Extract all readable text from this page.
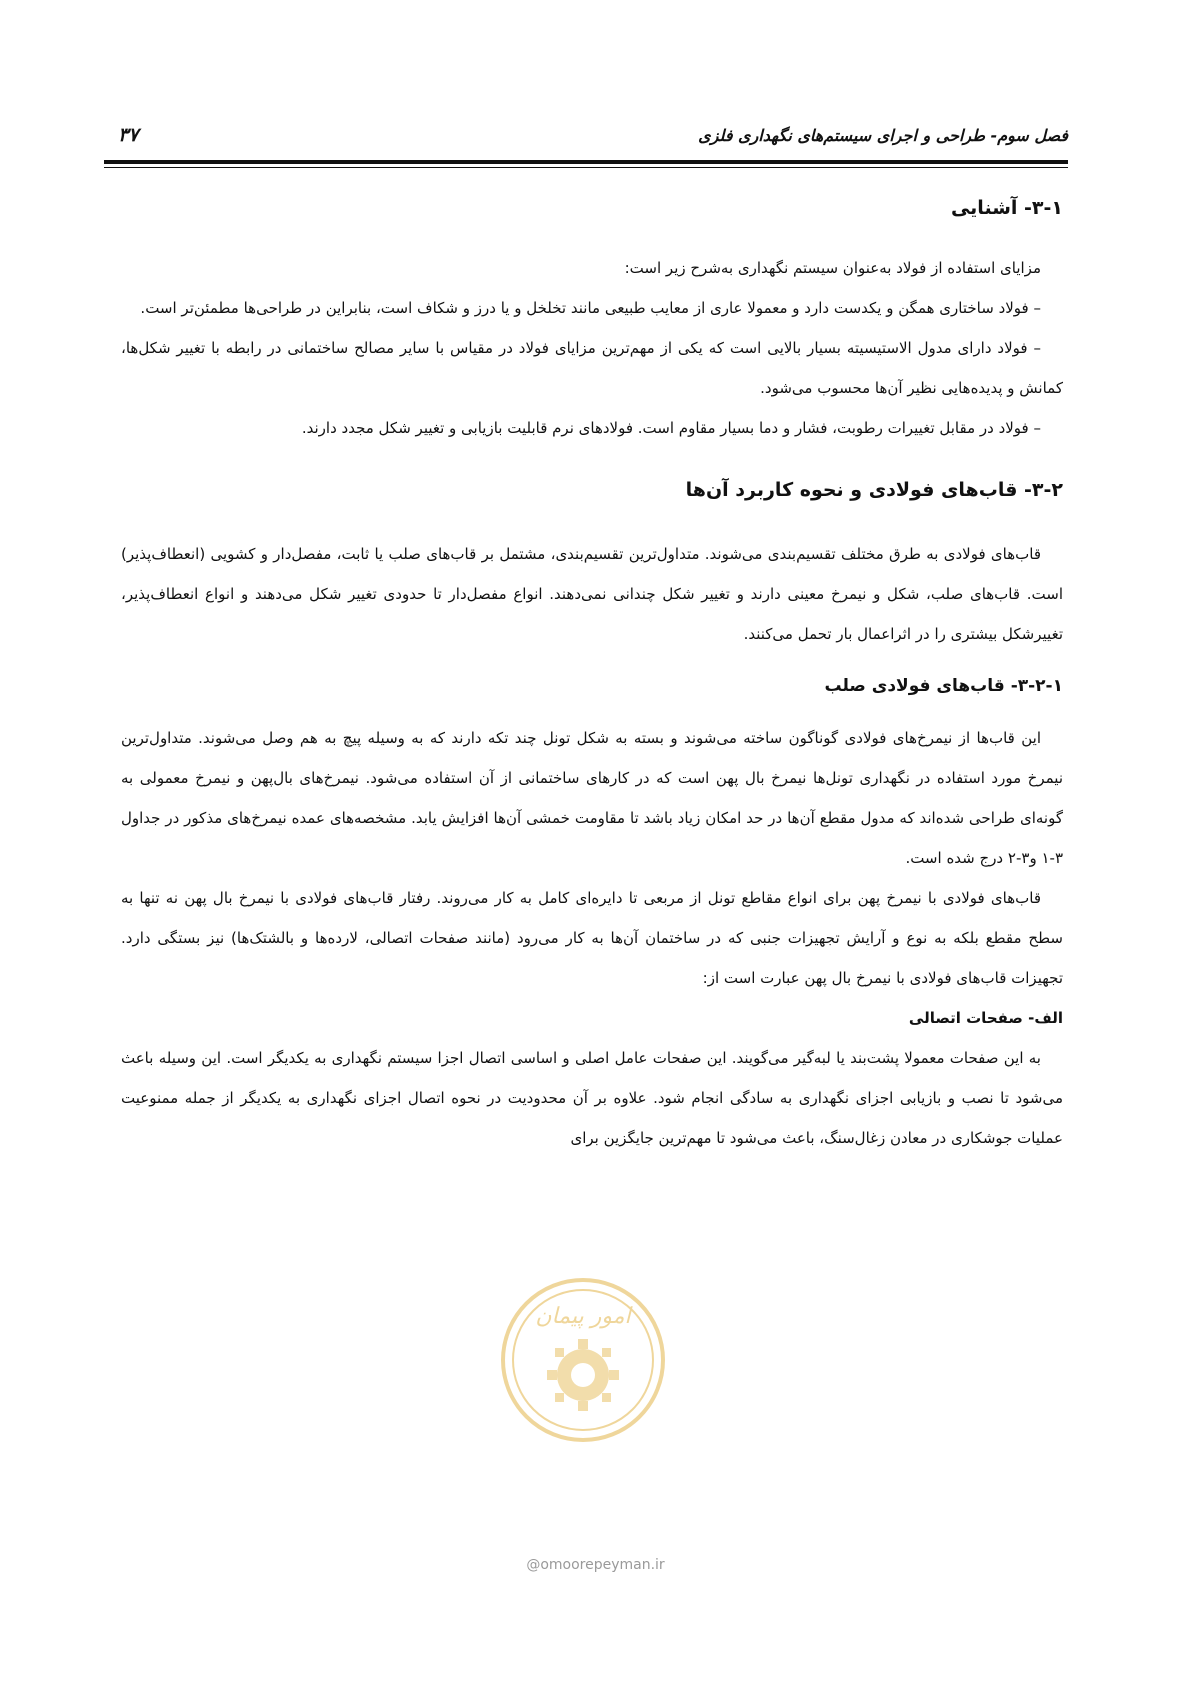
فصل سوم- طراحی و اجرای سیستم‌های نگهداری فلزی
۳۷
۳-۱- آشنایی

مزایای استفاده از فولاد به‌عنوان سیستم نگهداری به‌شرح زیر است:

– فولاد ساختاری همگن و یکدست دارد و معمولا عاری از معایب طبیعی مانند تخلخل و یا درز و شکاف است، بنابراین در طراحی‌ها مطمئن‌تر است.

– فولاد دارای مدول الاستیسیته بسیار بالایی است که یکی از مهم‌ترین مزایای فولاد در مقیاس با سایر مصالح ساختمانی در رابطه با تغییر شکل‌ها، کمانش و پدیده‌هایی نظیر آن‌ها محسوب می‌شود.

– فولاد در مقابل تغییرات رطوبت، فشار و دما بسیار مقاوم است. فولادهای نرم قابلیت بازیابی و تغییر شکل مجدد دارند.

۳-۲- قاب‌های فولادی و نحوه کاربرد آن‌ها

قاب‌های فولادی به طرق مختلف تقسیم‌بندی می‌شوند. متداول‌ترین تقسیم‌بندی، مشتمل بر قاب‌های صلب یا ثابت، مفصل‌دار و کشویی (انعطاف‌پذیر) است. قاب‌های صلب، شکل و نیمرخ معینی دارند و تغییر شکل چندانی نمی‌دهند. انواع مفصل‌دار تا حدودی تغییر شکل می‌دهند و انواع انعطاف‌پذیر، تغییرشکل بیشتری را در اثراعمال بار تحمل می‌کنند.

۳-۲-۱- قاب‌های فولادی صلب

این قاب‌ها از نیمرخ‌های فولادی گوناگون ساخته می‌شوند و بسته به شکل تونل چند تکه دارند که به وسیله پیچ به هم وصل می‌شوند. متداول‌ترین نیمرخ مورد استفاده در نگهداری تونل‌ها نیمرخ بال پهن است که در کارهای ساختمانی از آن استفاده می‌شود. نیمرخ‌های بال‌پهن و نیمرخ معمولی به گونه‌ای طراحی شده‌اند که مدول مقطع آن‌ها در حد امکان زیاد باشد تا مقاومت خمشی آن‌ها افزایش یابد. مشخصه‌های عمده نیمرخ‌های مذکور در جداول ۳-۱ و۳-۲ درج شده است.

قاب‌های فولادی با نیمرخ پهن برای انواع مقاطع تونل از مربعی تا دایره‌ای کامل به کار می‌روند. رفتار قاب‌های فولادی با نیمرخ بال پهن نه تنها به سطح مقطع بلکه به نوع و آرایش تجهیزات جنبی که در ساختمان آن‌ها به کار می‌رود (مانند صفحات اتصالی، لارده‌ها و بالشتک‌ها) نیز بستگی دارد. تجهیزات قاب‌های فولادی با نیمرخ بال پهن عبارت است از:

الف- صفحات اتصالی

به این صفحات معمولا پشت‌بند یا لبه‌گیر می‌گویند. این صفحات عامل اصلی و اساسی اتصال اجزا سیستم نگهداری به یکدیگر است. این وسیله باعث می‌شود تا نصب و بازیابی اجزای نگهداری به سادگی انجام شود. علاوه بر آن محدودیت در نحوه اتصال اجزای نگهداری به یکدیگر از جمله ممنوعیت عملیات جوشکاری در معادن زغال‌سنگ، باعث می‌شود تا مهم‌ترین جایگزین برای

امور پیمان
@omoorepeyman.ir
